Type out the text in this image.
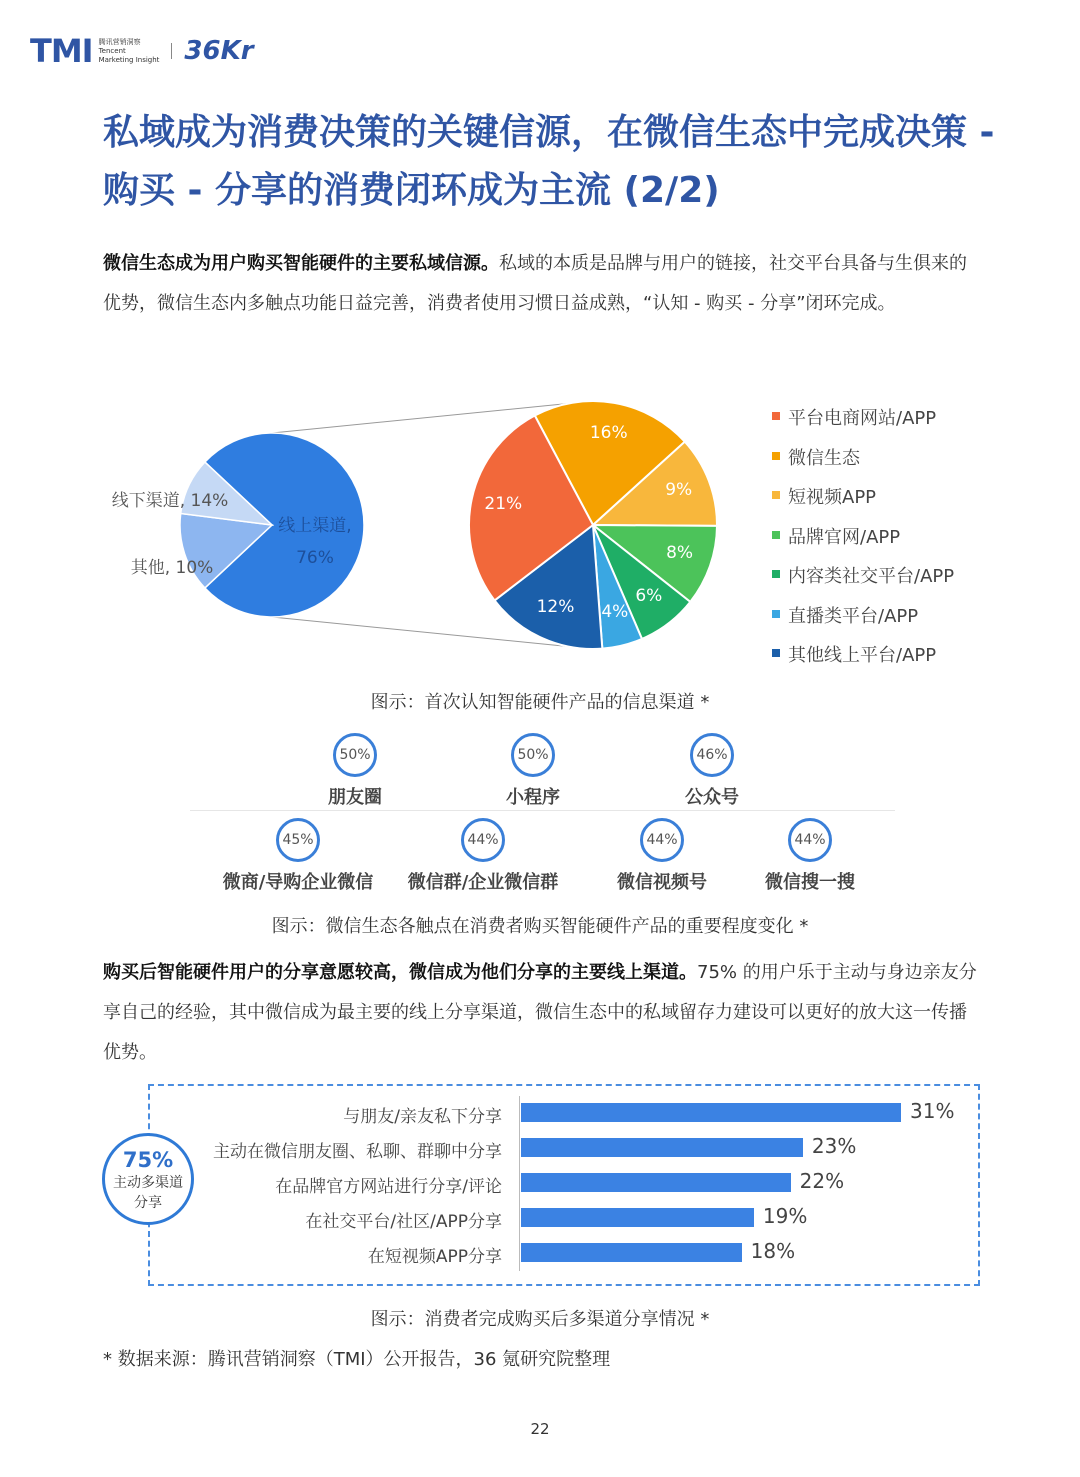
TMI 腾讯营销洞察
Tencent
Marketing Insight 36Kr
私域成为消费决策的关键信源，在微信生态中完成决策 - 购买 - 分享的消费闭环成为主流 (2/2)
微信生态成为用户购买智能硬件的主要私域信源。私域的本质是品牌与用户的链接，社交平台具备与生俱来的优势，微信生态内多触点功能日益完善，消费者使用习惯日益成熟，“认知 - 购买 - 分享”闭环完成。
线下渠道, 14%
其他, 10%
线上渠道,
76%
16%
9%
8%
6%
4%
12%
21%
平台电商网站/APP
微信生态
短视频APP
品牌官网/APP
内容类社交平台/APP
直播类平台/APP
其他线上平台/APP
图示：首次认知智能硬件产品的信息渠道 *
50%
朋友圈
50%
小程序
46%
公众号
45%
微商/导购企业微信
44%
微信群/企业微信群
44%
微信视频号
44%
微信搜一搜
图示：微信生态各触点在消费者购买智能硬件产品的重要程度变化 *
购买后智能硬件用户的分享意愿较高，微信成为他们分享的主要线上渠道。75% 的用户乐于主动与身边亲友分享自己的经验，其中微信成为最主要的线上分享渠道，微信生态中的私域留存力建设可以更好的放大这一传播优势。
与朋友/亲友私下分享	31%
主动在微信朋友圈、私聊、群聊中分享	23%
在品牌官方网站进行分享/评论	22%
在社交平台/社区/APP分享	19%
在短视频APP分享	18%
75%
主动多渠道
分享
图示：消费者完成购买后多渠道分享情况 *
* 数据来源：腾讯营销洞察（TMI）公开报告，36 氪研究院整理
22
